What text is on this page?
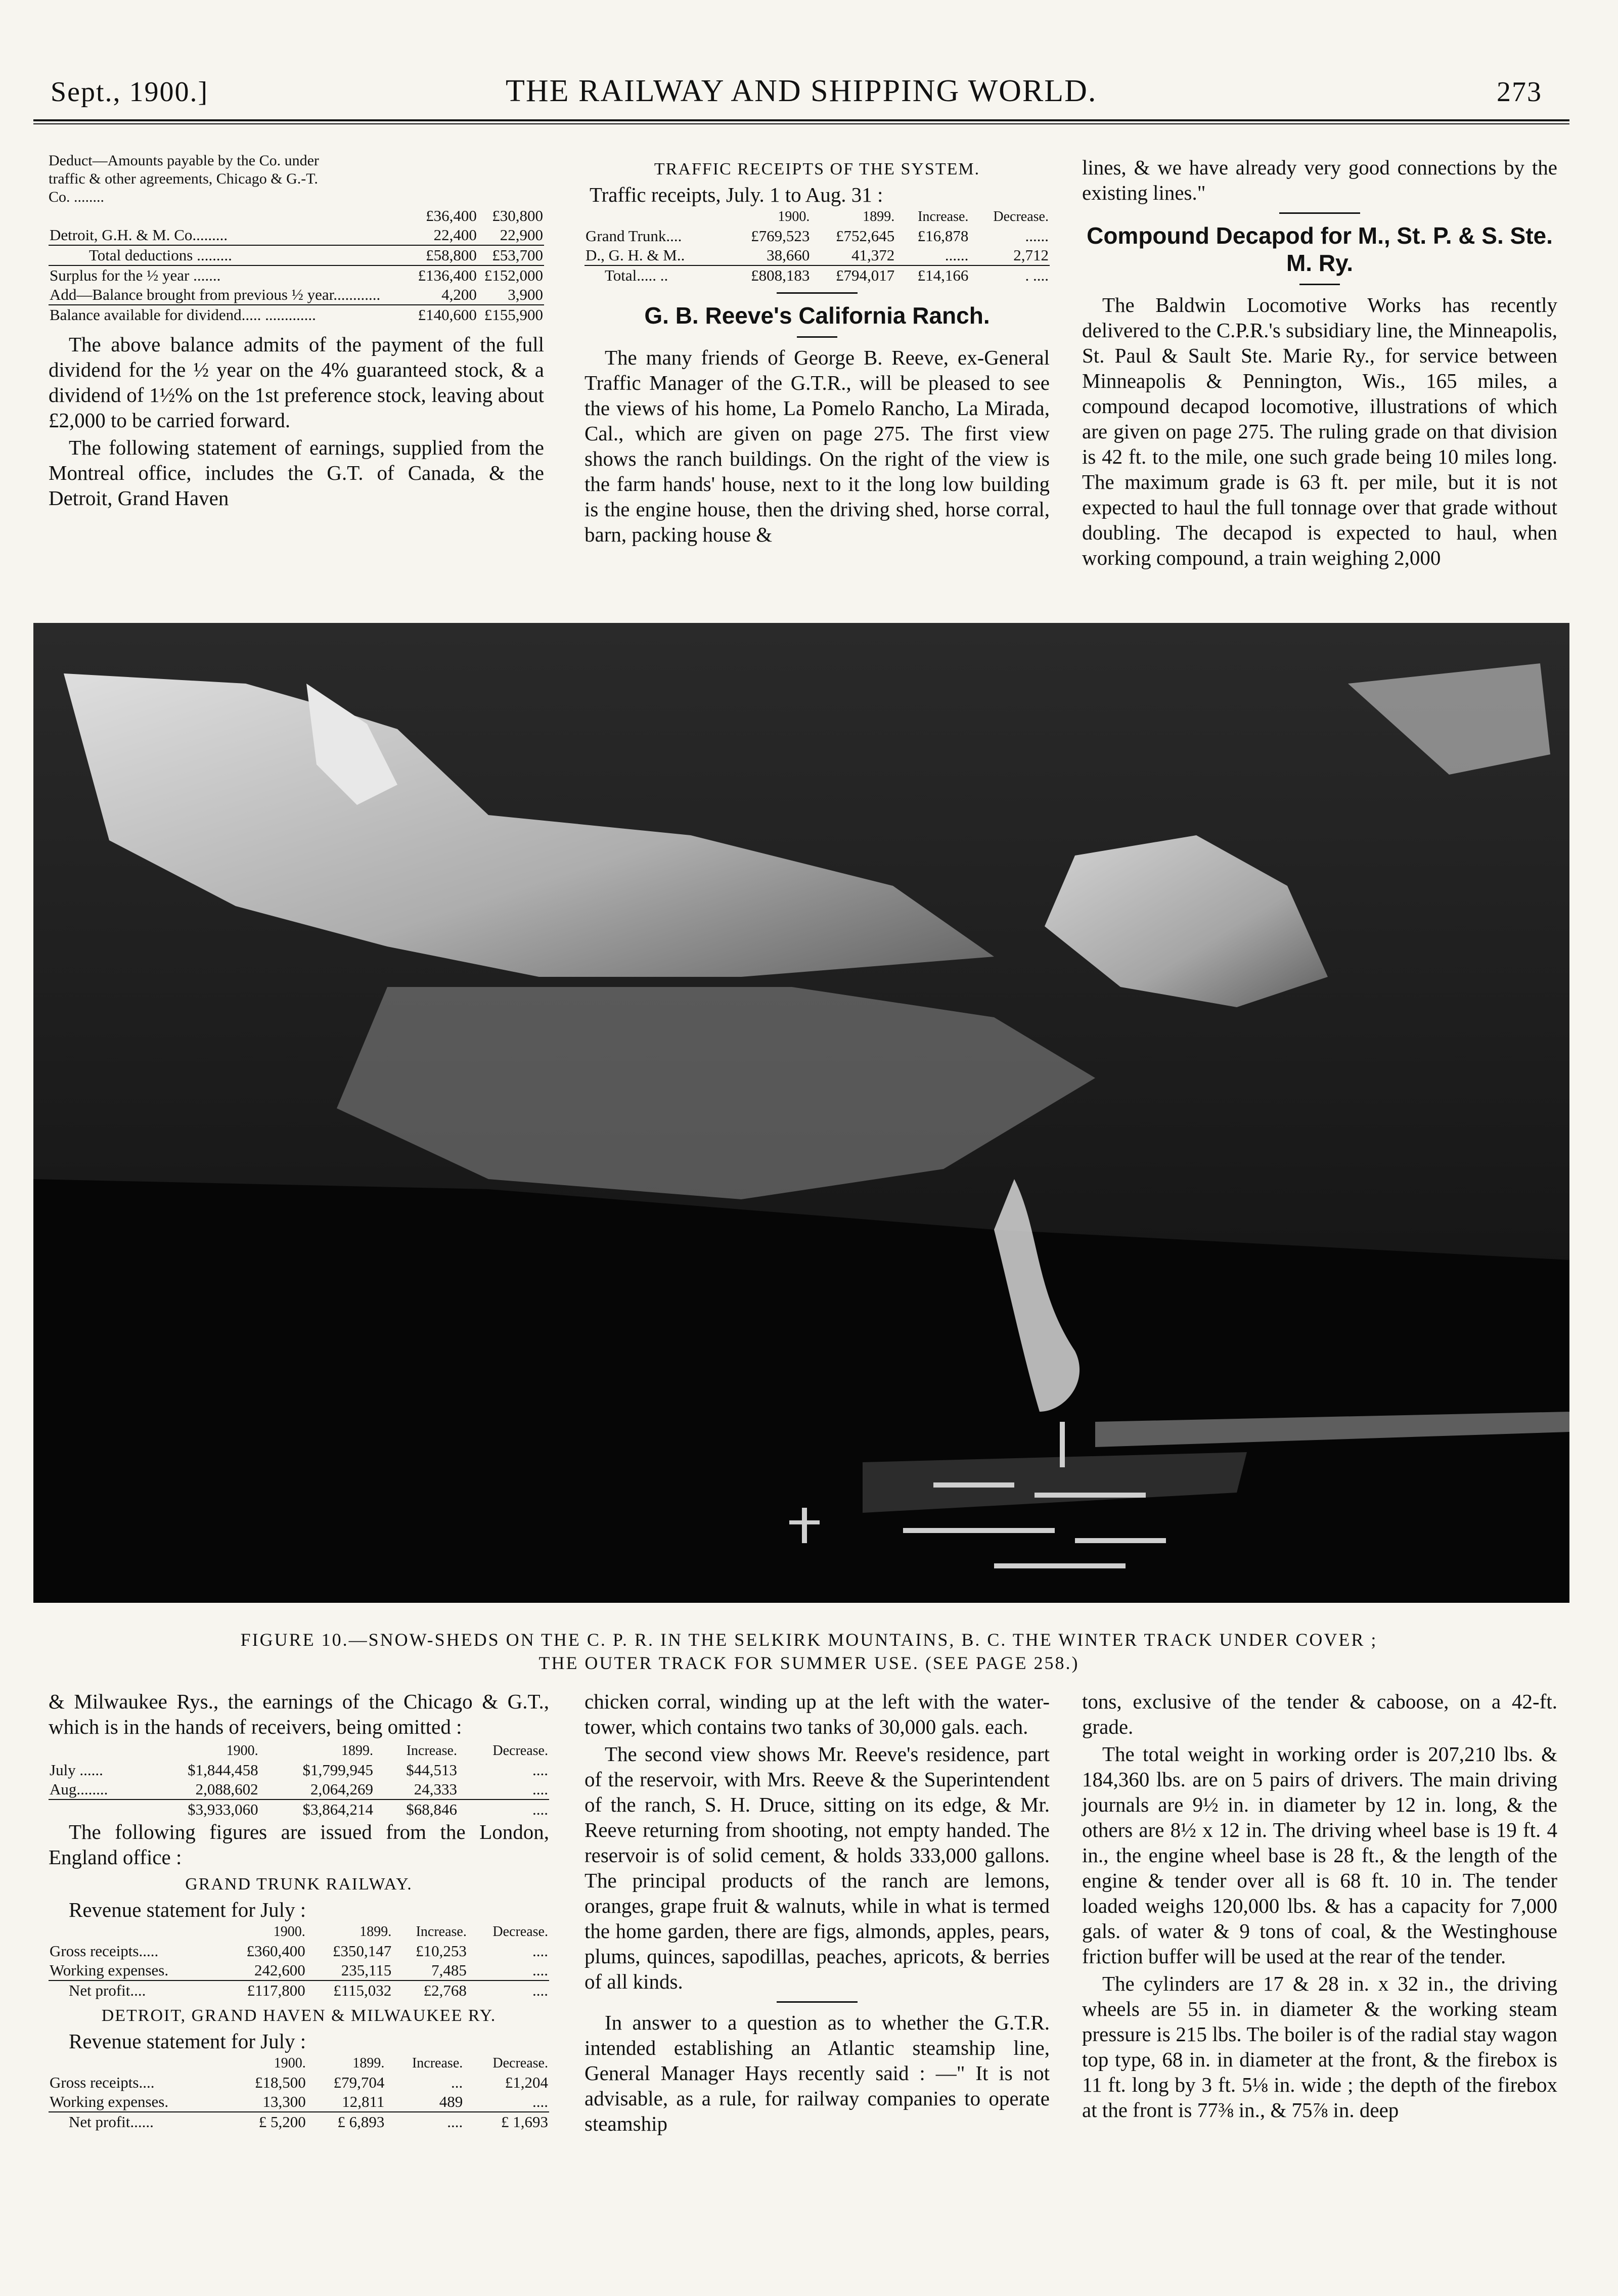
Sept., 1900.]	THE RAILWAY AND SHIPPING WORLD.	273
Deduct—Amounts payable by the Co. under traffic & other agreements, Chicago & G.-T. Co. ........
	£36,400	£30,800
Detroit, G.H. & M. Co.........	22,400	22,900
Total deductions .........	£58,800	£53,700
Surplus for the ½ year .......	£136,400	£152,000
Add—Balance brought from previous ½ year............	4,200	3,900
Balance available for dividend..... .............	£140,600	£155,900

The above balance admits of the payment of the full dividend for the ½ year on the 4% guaranteed stock, & a dividend of 1½% on the 1st preference stock, leaving about £2,000 to be carried forward.

The following statement of earnings, supplied from the Montreal office, includes the G.T. of Canada, & the Detroit, Grand Haven

TRAFFIC RECEIPTS OF THE SYSTEM.
Traffic receipts, July. 1 to Aug. 31 :
	1900.	1899.	Increase.	Decrease.
Grand Trunk....	£769,523	£752,645	£16,878	......
D., G. H. & M..	38,660	41,372	......	2,712
Total..... ..	£808,183	£794,017	£14,166	. ....
G. B. Reeve's California Ranch.

The many friends of George B. Reeve, ex-General Traffic Manager of the G.T.R., will be pleased to see the views of his home, La Pomelo Rancho, La Mirada, Cal., which are given on page 275. The first view shows the ranch buildings. On the right of the view is the farm hands' house, next to it the long low building is the engine house, then the driving shed, horse corral, barn, packing house &

lines, & we have already very good connections by the existing lines."

Compound Decapod for M., St. P. & S. Ste. M. Ry.

The Baldwin Locomotive Works has recently delivered to the C.P.R.'s subsidiary line, the Minneapolis, St. Paul & Sault Ste. Marie Ry., for service between Minneapolis & Pennington, Wis., 165 miles, a compound decapod locomotive, illustrations of which are given on page 275. The ruling grade on that division is 42 ft. to the mile, one such grade being 10 miles long. The maximum grade is 63 ft. per mile, but it is not expected to haul the full tonnage over that grade without doubling. The decapod is expected to haul, when working compound, a train weighing 2,000

FIGURE 10.—SNOW-SHEDS ON THE C. P. R. IN THE SELKIRK MOUNTAINS, B. C. THE WINTER TRACK UNDER COVER ;
THE OUTER TRACK FOR SUMMER USE. (SEE PAGE 258.)

& Milwaukee Rys., the earnings of the Chicago & G.T., which is in the hands of receivers, being omitted :

	1900.	1899.	Increase.	Decrease.
July ......	$1,844,458	$1,799,945	$44,513	....
Aug........	2,088,602	2,064,269	24,333	....
	$3,933,060	$3,864,214	$68,846	....

The following figures are issued from the London, England office :

GRAND TRUNK RAILWAY.
Revenue statement for July :
	1900.	1899.	Increase.	Decrease.
Gross receipts.....	£360,400	£350,147	£10,253	....
Working expenses.	242,600	235,115	7,485	....
Net profit....	£117,800	£115,032	£2,768	....
DETROIT, GRAND HAVEN & MILWAUKEE RY.
Revenue statement for July :
	1900.	1899.	Increase.	Decrease.
Gross receipts....	£18,500	£79,704	...	£1,204
Working expenses.	13,300	12,811	489	....
Net profit......	£ 5,200	£ 6,893	....	£ 1,693

chicken corral, winding up at the left with the water-tower, which contains two tanks of 30,000 gals. each.

The second view shows Mr. Reeve's residence, part of the reservoir, with Mrs. Reeve & the Superintendent of the ranch, S. H. Druce, sitting on its edge, & Mr. Reeve returning from shooting, not empty handed. The reservoir is of solid cement, & holds 333,000 gallons. The principal products of the ranch are lemons, oranges, grape fruit & walnuts, while in what is termed the home garden, there are figs, almonds, apples, pears, plums, quinces, sapodillas, peaches, apricots, & berries of all kinds.

In answer to a question as to whether the G.T.R. intended establishing an Atlantic steamship line, General Manager Hays recently said : —" It is not advisable, as a rule, for railway companies to operate steamship

tons, exclusive of the tender & caboose, on a 42-ft. grade.

The total weight in working order is 207,210 lbs. & 184,360 lbs. are on 5 pairs of drivers. The main driving journals are 9½ in. in diameter by 12 in. long, & the others are 8½ x 12 in. The driving wheel base is 19 ft. 4 in., the engine wheel base is 28 ft., & the length of the engine & tender over all is 68 ft. 10 in. The tender loaded weighs 120,000 lbs. & has a capacity for 7,000 gals. of water & 9 tons of coal, & the Westinghouse friction buffer will be used at the rear of the tender.

The cylinders are 17 & 28 in. x 32 in., the driving wheels are 55 in. in diameter & the working steam pressure is 215 lbs. The boiler is of the radial stay wagon top type, 68 in. in diameter at the front, & the firebox is 11 ft. long by 3 ft. 5⅛ in. wide ; the depth of the firebox at the front is 77⅜ in., & 75⅞ in. deep
